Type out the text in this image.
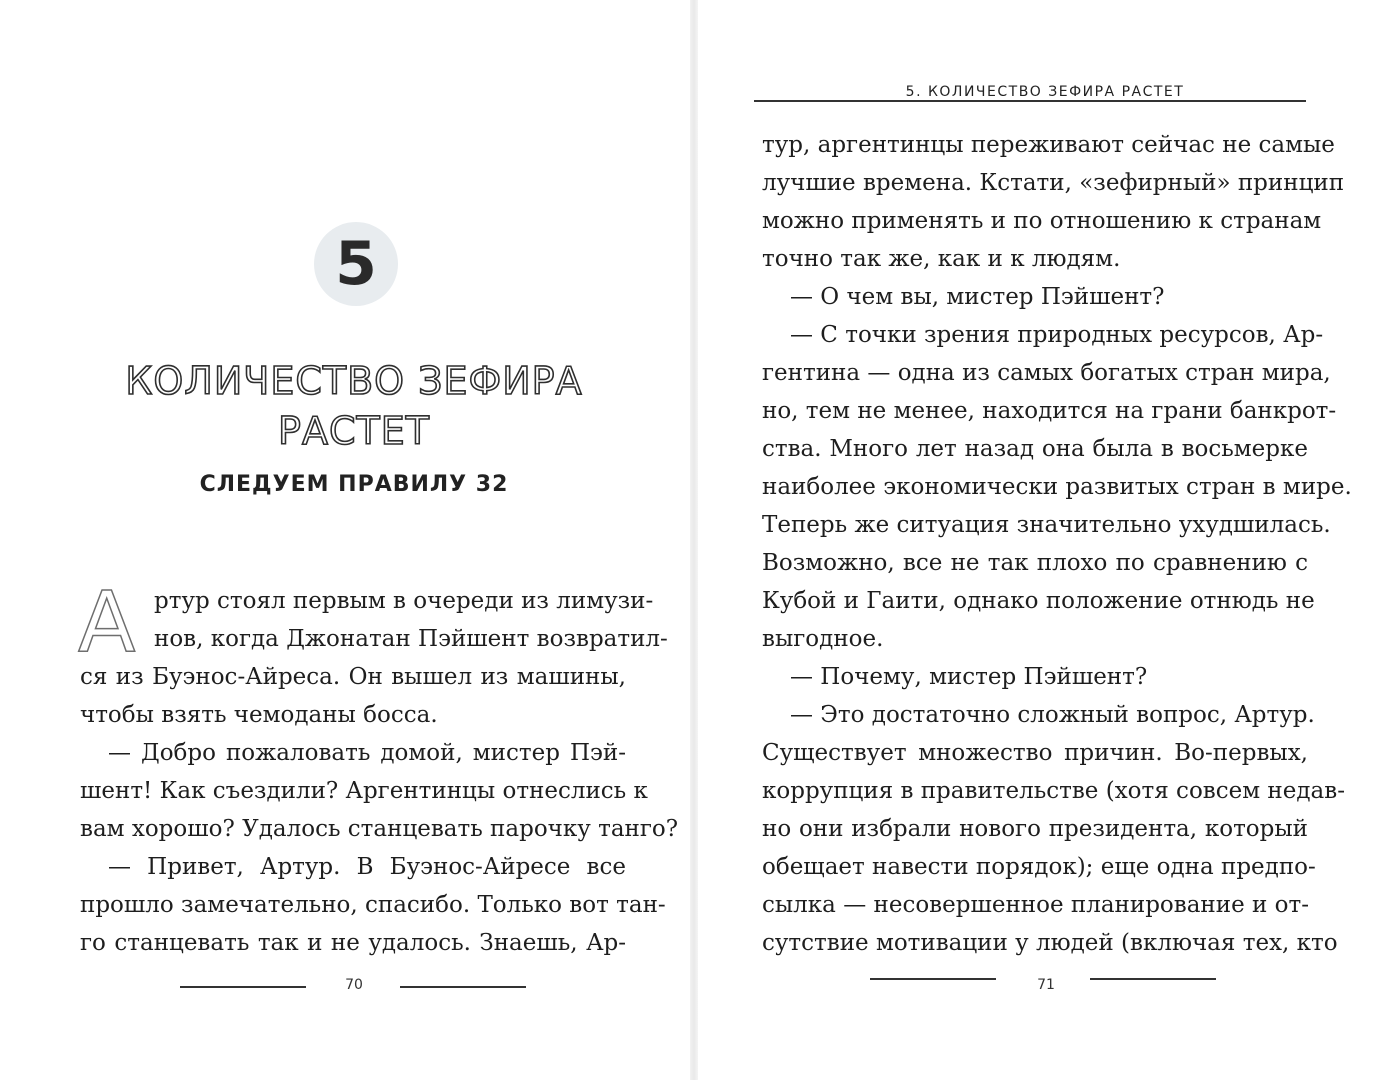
5
КОЛИЧЕСТВО ЗЕФИРА
РАСТЕТ
СЛЕДУЕМ ПРАВИЛУ 32
А ртур стоял первым в очереди из лимузи-
нов, когда Джонатан Пэйшент возвратил-
ся из Буэнос-Айреса. Он вышел из машины,
чтобы взять чемоданы босса.
— Добро пожаловать домой, мистер Пэй-
шент! Как съездили? Аргентинцы отнеслись к
вам хорошо? Удалось станцевать парочку танго?
— Привет, Артур. В Буэнос-Айресе все
прошло замечательно, спасибо. Только вот тан-
го станцевать так и не удалось. Знаешь, Ар-
70
5. КОЛИЧЕСТВО ЗЕФИРА РАСТЕТ
тур, аргентинцы переживают сейчас не самые
лучшие времена. Кстати, «зефирный» принцип
можно применять и по отношению к странам
точно так же, как и к людям.
— О чем вы, мистер Пэйшент?
— С точки зрения природных ресурсов, Ар-
гентина — одна из самых богатых стран мира,
но, тем не менее, находится на грани банкрот-
ства. Много лет назад она была в восьмерке
наиболее экономически развитых стран в мире.
Теперь же ситуация значительно ухудшилась.
Возможно, все не так плохо по сравнению с
Кубой и Гаити, однако положение отнюдь не
выгодное.
— Почему, мистер Пэйшент?
— Это достаточно сложный вопрос, Артур.
Существует множество причин. Во-первых,
коррупция в правительстве (хотя совсем недав-
но они избрали нового президента, который
обещает навести порядок); еще одна предпо-
сылка — несовершенное планирование и от-
сутствие мотивации у людей (включая тех, кто
71
